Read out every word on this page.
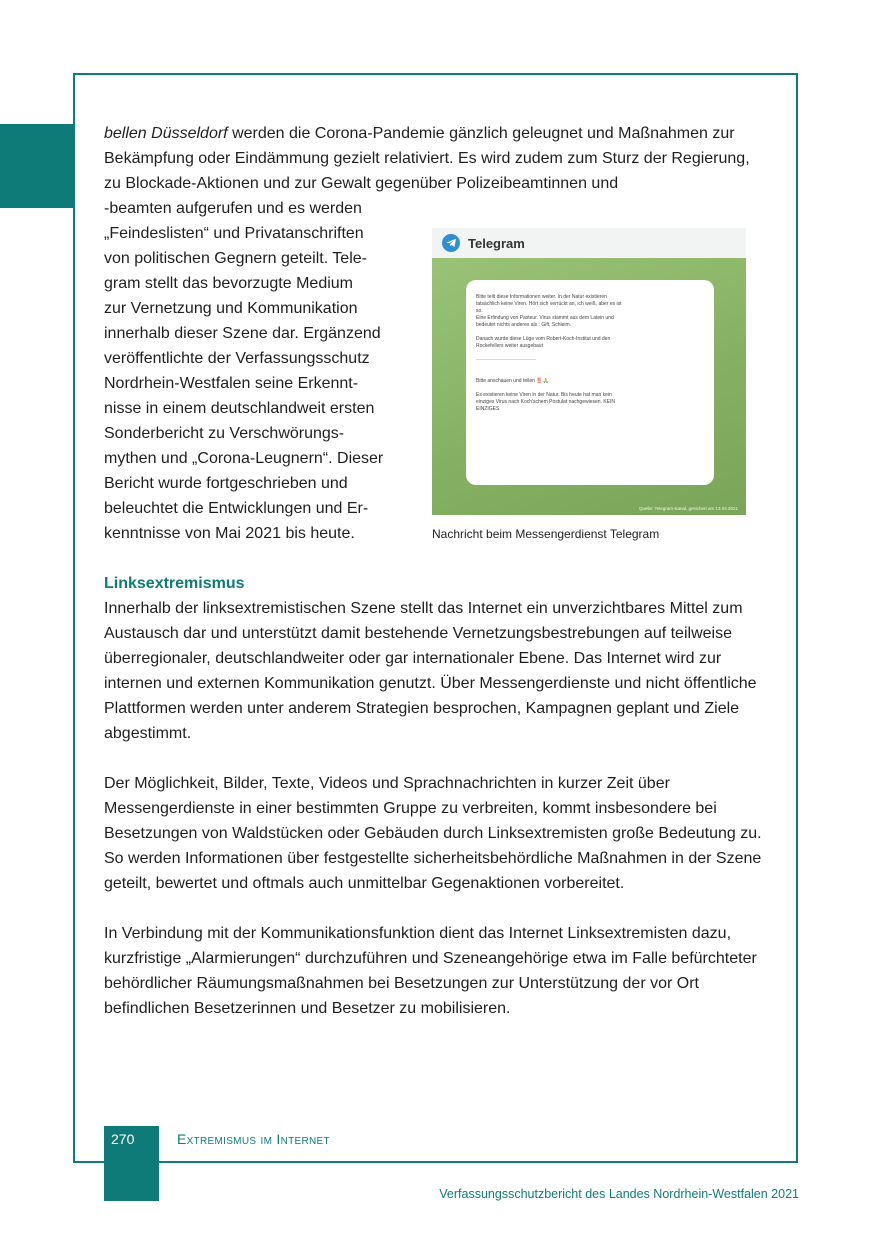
bellen Düsseldorf werden die Corona-Pandemie gänzlich geleugnet und Maßnahmen zur Bekämpfung oder Eindämmung gezielt relativiert. Es wird zudem zum Sturz der Regierung, zu Blockade-Aktionen und zur Gewalt gegenüber Polizeibeamtinnen und

-beamten aufgerufen und es werden
„Feindeslisten“ und Privatanschriften
von politischen Gegnern geteilt. Tele-
gram stellt das bevorzugte Medium
zur Vernetzung und Kommunikation
innerhalb dieser Szene dar. Ergänzend
veröffentlichte der Verfassungsschutz
Nordrhein-Westfalen seine Erkennt-
nisse in einem deutschlandweit ersten
Sonderbericht zu Verschwörungs-
mythen und „Corona-Leugnern“. Dieser
Bericht wurde fortgeschrieben und
beleuchtet die Entwicklungen und Er-
kenntnisse von Mai 2021 bis heute.
Linksextremismus

Innerhalb der linksextremistischen Szene stellt das Internet ein unverzichtbares Mittel zum Austausch dar und unterstützt damit bestehende Vernetzungsbestrebungen auf teilweise überregionaler, deutschlandweiter oder gar internationaler Ebene. Das Internet wird zur internen und externen Kommunikation genutzt. Über Messengerdienste und nicht öffentliche Plattformen werden unter anderem Strategien besprochen, Kampagnen geplant und Ziele abgestimmt.

Der Möglichkeit, Bilder, Texte, Videos und Sprachnachrichten in kurzer Zeit über Messengerdienste in einer bestimmten Gruppe zu verbreiten, kommt insbesondere bei Besetzungen von Waldstücken oder Gebäuden durch Linksextremisten große Bedeutung zu. So werden Informationen über festgestellte sicherheitsbehördliche Maßnahmen in der Szene geteilt, bewertet und oftmals auch unmittelbar Gegenaktionen vorbereitet.

In Verbindung mit der Kommunikationsfunktion dient das Internet Linksextremisten dazu, kurzfristige „Alarmierungen“ durchzuführen und Szeneangehörige etwa im Falle befürchteter behördlicher Räumungsmaßnahmen bei Besetzungen zur Unterstützung der vor Ort befindlichen Besetzerinnen und Besetzer zu mobilisieren.

Telegram
Bitte teilt diese Informationen weiter. In der Natur existieren
tatsächlich keine Viren. Hört sich verrückt an, ich weiß, aber es ist
so.
Eine Erfindung von Pasteur. Virus stammt aus dem Latein und
bedeutet nichts anderes als : Gift, Schleim.
Danach wurde diese Lüge vom Robert-Koch-Institut und den
Rockefellers weiter ausgebaut
————————————
Bitte anschauen und teilen ‼️🙏
Es existieren keine Viren in der Natur. Bis heute hat man kein
einziges Virus nach Koch'schem Postulat nachgewiesen. KEIN
EINZIGES
Quelle: Telegram-Kanal, gesichert am 13.04.2021
Nachricht beim Messengerdienst Telegram
270	Extremismus im Internet
Verfassungsschutzbericht des Landes Nordrhein-Westfalen 2021
